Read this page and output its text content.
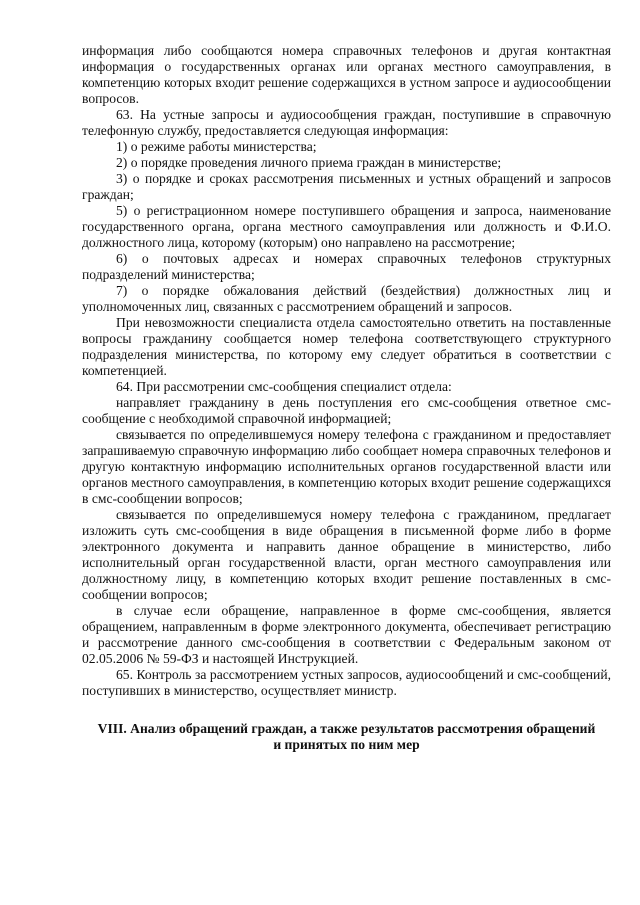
информация либо сообщаются номера справочных телефонов и другая контактная информация о государственных органах или органах местного самоуправления, в компетенцию которых входит решение содержащихся в устном запросе и аудиосообщении вопросов.

63. На устные запросы и аудиосообщения граждан, поступившие в справочную телефонную службу, предоставляется следующая информация:

1) о режиме работы министерства;

2) о порядке проведения личного приема граждан в министерстве;

3) о порядке и сроках рассмотрения письменных и устных обращений и запросов граждан;

5) о регистрационном номере поступившего обращения и запроса, наименование государственного органа, органа местного самоуправления или должность и Ф.И.О. должностного лица, которому (которым) оно направлено на рассмотрение;

6) о почтовых адресах и номерах справочных телефонов структурных подразделений министерства;

7) о порядке обжалования действий (бездействия) должностных лиц и уполномоченных лиц, связанных с рассмотрением обращений и запросов.

При невозможности специалиста отдела самостоятельно ответить на поставленные вопросы гражданину сообщается номер телефона соответствующего структурного подразделения министерства, по которому ему следует обратиться в соответствии с компетенцией.

64. При рассмотрении смс-сообщения специалист отдела:

направляет гражданину в день поступления его смс-сообщения ответное смс-сообщение с необходимой справочной информацией;

связывается по определившемуся номеру телефона с гражданином и предоставляет запрашиваемую справочную информацию либо сообщает номера справочных телефонов и другую контактную информацию исполнительных органов государственной власти или органов местного самоуправления, в компетенцию которых входит решение содержащихся в смс-сообщении вопросов;

связывается по определившемуся номеру телефона с гражданином, предлагает изложить суть смс-сообщения в виде обращения в письменной форме либо в форме электронного документа и направить данное обращение в министерство, либо исполнительный орган государственной власти, орган местного самоуправления или должностному лицу, в компетенцию которых входит решение поставленных в смс-сообщении вопросов;

в случае если обращение, направленное в форме смс-сообщения, является обращением, направленным в форме электронного документа, обеспечивает регистрацию и рассмотрение данного смс-сообщения в соответствии с Федеральным законом от 02.05.2006 № 59-ФЗ и настоящей Инструкцией.

65. Контроль за рассмотрением устных запросов, аудиосообщений и смс-сообщений, поступивших в министерство, осуществляет министр.

VIII. Анализ обращений граждан, а также результатов рассмотрения обращений и принятых по ним мер
